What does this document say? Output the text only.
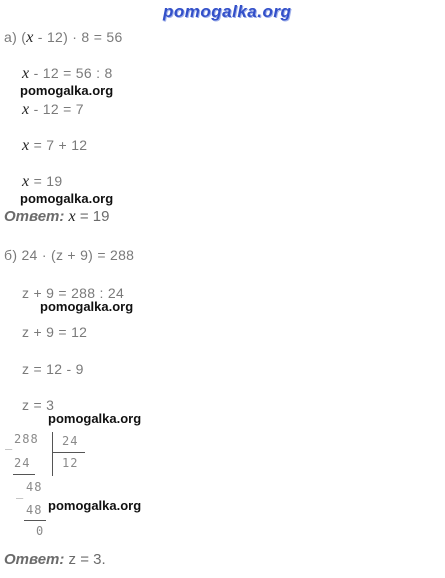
pomogalka.org
а) (x - 12) · 8 = 56
x - 12 = 56 : 8
pomogalka.org
x - 12 = 7
x = 7 + 12
x = 19
pomogalka.org
Ответ: x = 19
б) 24 · (z + 9) = 288
z + 9 = 288 : 24
pomogalka.org
z + 9 = 12
z = 12 - 9
z = 3
pomogalka.org
_ 288 24
12
24
_ 48
48
0
pomogalka.org
Ответ: z = 3.
